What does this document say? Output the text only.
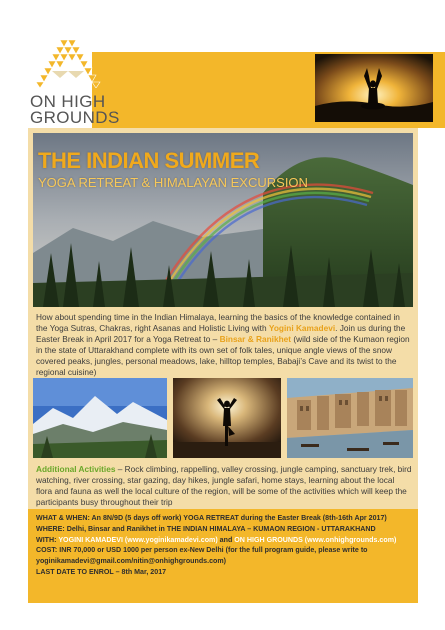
ON HIGH
GROUNDS
THE INDIAN SUMMER
YOGA RETREAT & HIMALAYAN EXCURSION
How about spending time in the Indian Himalaya, learning the basics of the knowledge contained in the Yoga Sutras, Chakras, right Asanas and Holistic Living with Yogini Kamadevi. Join us during the Easter Break in April 2017 for a Yoga Retreat to – Binsar & Ranikhet (wild side of the Kumaon region in the state of Uttarakhand complete with its own set of folk tales, unique angle views of the snow covered peaks, jungles, personal meadows, lake, hilltop temples, Babaji’s Cave and its twist to the regional cuisine)
Additional Activities – Rock climbing, rappelling, valley crossing, jungle camping, sanctuary trek, bird watching, river crossing, star gazing, day hikes, jungle safari, home stays, learning about the local flora and fauna as well the local culture of the region, will be some of the activities which will keep the participants busy throughout their trip
WHAT & WHEN: An 8N/9D (5 days off work) YOGA RETREAT during the Easter Break (8th-16th Apr 2017)
WHERE: Delhi, Binsar and Ranikhet in THE INDIAN HIMALAYA – KUMAON REGION - UTTARAKHAND
WITH: YOGINI KAMADEVI (www.yoginikamadevi.com) and ON HIGH GROUNDS (www.onhighgrounds.com)
COST: INR 70,000 or USD 1000 per person ex-New Delhi (for the full program guide, please write to
yoginikamadevi@gmail.com/nitin@onhighgrounds.com)
LAST DATE TO ENROL – 8th Mar, 2017
